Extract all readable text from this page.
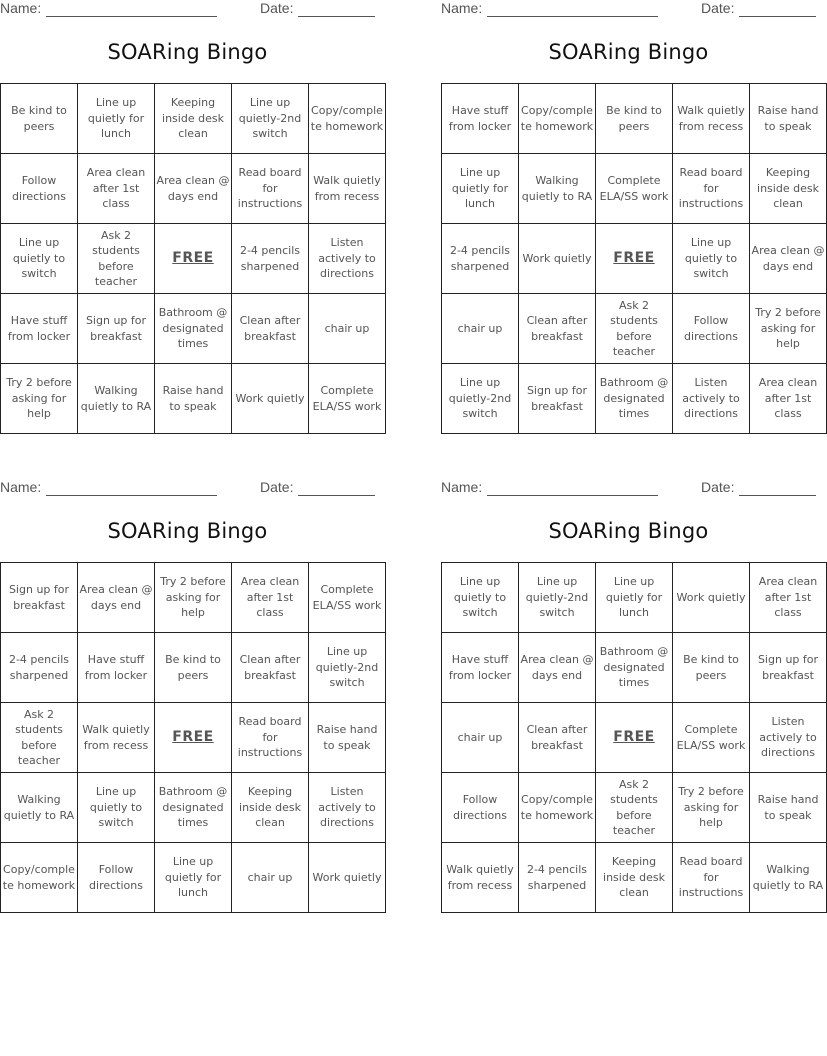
Name:	Date:
SOARing Bingo
Be kind to peers	Line up quietly for lunch	Keeping inside desk clean	Line up quietly-2nd switch	Copy/complete homework
Follow directions	Area clean after 1st class	Area clean @ days end	Read board for instructions	Walk quietly from recess
Line up quietly to switch	Ask 2 students before teacher	FREE	2-4 pencils sharpened	Listen actively to directions
Have stuff from locker	Sign up for breakfast	Bathroom @ designated times	Clean after breakfast	chair up
Try 2 before asking for help	Walking quietly to RA	Raise hand to speak	Work quietly	Complete ELA/SS work
Name:	Date:
SOARing Bingo
Have stuff from locker	Copy/complete homework	Be kind to peers	Walk quietly from recess	Raise hand to speak
Line up quietly for lunch	Walking quietly to RA	Complete ELA/SS work	Read board for instructions	Keeping inside desk clean
2-4 pencils sharpened	Work quietly	FREE	Line up quietly to switch	Area clean @ days end
chair up	Clean after breakfast	Ask 2 students before teacher	Follow directions	Try 2 before asking for help
Line up quietly-2nd switch	Sign up for breakfast	Bathroom @ designated times	Listen actively to directions	Area clean after 1st class
Name:	Date:
SOARing Bingo
Sign up for breakfast	Area clean @ days end	Try 2 before asking for help	Area clean after 1st class	Complete ELA/SS work
2-4 pencils sharpened	Have stuff from locker	Be kind to peers	Clean after breakfast	Line up quietly-2nd switch
Ask 2 students before teacher	Walk quietly from recess	FREE	Read board for instructions	Raise hand to speak
Walking quietly to RA	Line up quietly to switch	Bathroom @ designated times	Keeping inside desk clean	Listen actively to directions
Copy/complete homework	Follow directions	Line up quietly for lunch	chair up	Work quietly
Name:	Date:
SOARing Bingo
Line up quietly to switch	Line up quietly-2nd switch	Line up quietly for lunch	Work quietly	Area clean after 1st class
Have stuff from locker	Area clean @ days end	Bathroom @ designated times	Be kind to peers	Sign up for breakfast
chair up	Clean after breakfast	FREE	Complete ELA/SS work	Listen actively to directions
Follow directions	Copy/complete homework	Ask 2 students before teacher	Try 2 before asking for help	Raise hand to speak
Walk quietly from recess	2-4 pencils sharpened	Keeping inside desk clean	Read board for instructions	Walking quietly to RA
